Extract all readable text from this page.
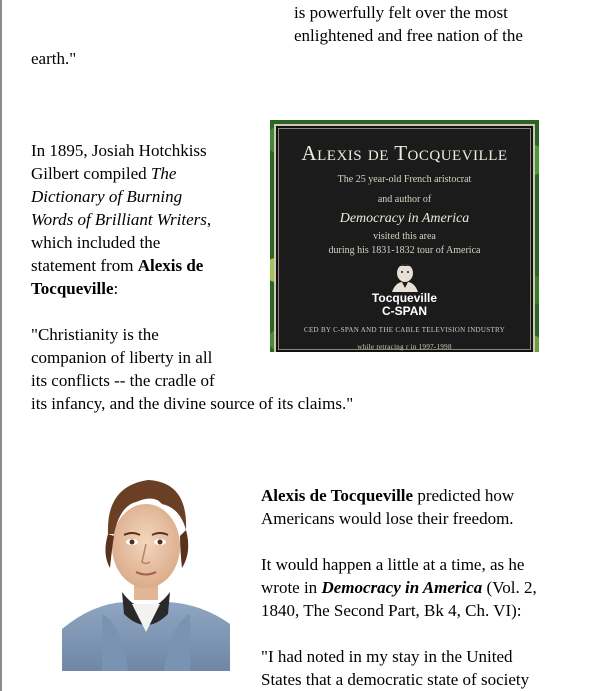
is powerfully felt over the most
enlightened and free nation of the
earth."
In 1895, Josiah Hotchkiss
Gilbert compiled The
Dictionary of Burning
Words of Brilliant Writers,
which included the
statement from Alexis de
Tocqueville:
"Christianity is the
companion of liberty in all
its conflicts -- the cradle of
its infancy, and the divine source of its claims."
Alexis de Tocqueville
The 25 year-old French aristocrat
and author of
Democracy in America
visited this area
during his 1831-1832 tour of America
Tocqueville
C-SPAN
CED BY C-SPAN AND THE CABLE TELEVISION INDUSTRY
while retracing r in 1997-1998
Alexis de Tocqueville predicted how
Americans would lose their freedom.
It would happen a little at a time, as he
wrote in Democracy in America (Vol. 2,
1840, The Second Part, Bk 4, Ch. VI):
"I had noted in my stay in the United
States that a democratic state of society
